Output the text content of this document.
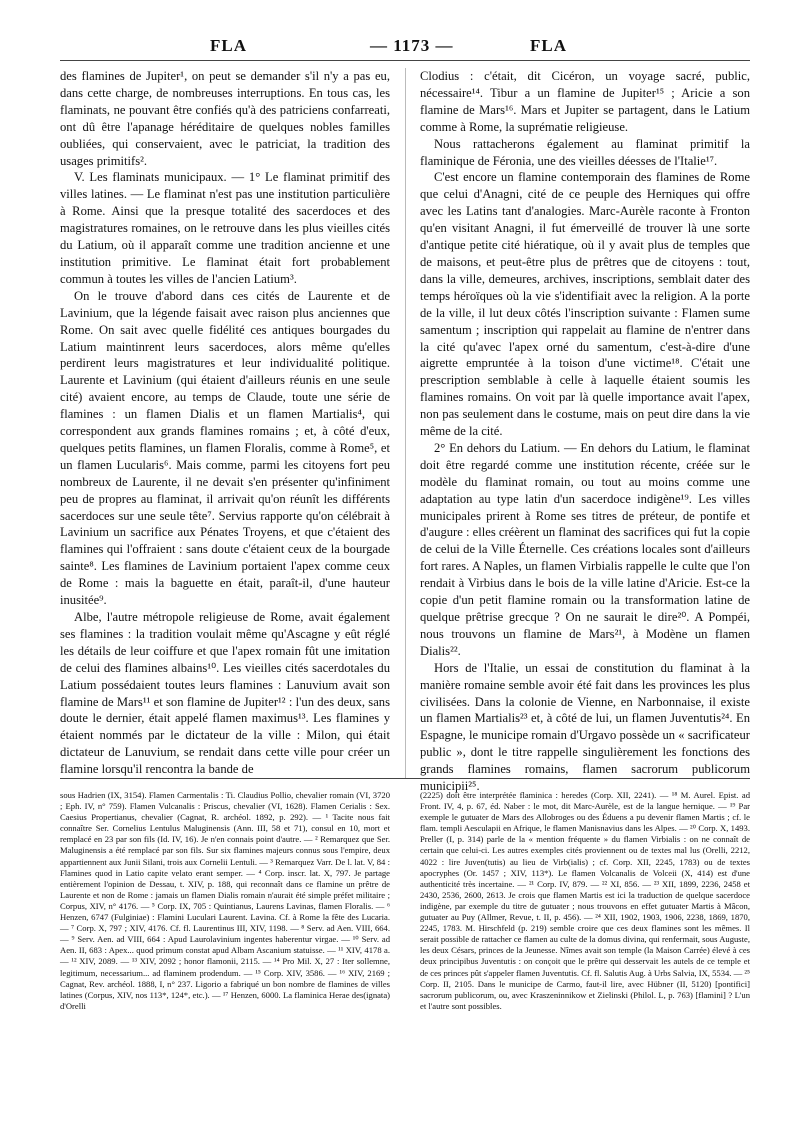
FLA	— 1173 —	FLA

des flamines de Jupiter¹, on peut se demander s'il n'y a pas eu, dans cette charge, de nombreuses interruptions. En tous cas, les flaminats, ne pouvant être confiés qu'à des patriciens confarreati, ont dû être l'apanage héréditaire de quelques nobles familles oubliées, qui conservaient, avec le patriciat, la tradition des usages primitifs².

V. Les flaminats municipaux. — 1° Le flaminat primitif des villes latines. — Le flaminat n'est pas une institution particulière à Rome. Ainsi que la presque totalité des sacerdoces et des magistratures romaines, on le retrouve dans les plus vieilles cités du Latium, où il apparaît comme une tradition ancienne et une institution primitive. Le flaminat était fort probablement commun à toutes les villes de l'ancien Latium³.

On le trouve d'abord dans ces cités de Laurente et de Lavinium, que la légende faisait avec raison plus anciennes que Rome. On sait avec quelle fidélité ces antiques bourgades du Latium maintinrent leurs sacerdoces, alors même qu'elles perdirent leurs magistratures et leur individualité politique. Laurente et Lavinium (qui étaient d'ailleurs réunis en une seule cité) avaient encore, au temps de Claude, toute une série de flamines : un flamen Dialis et un flamen Martialis⁴, qui correspondent aux grands flamines romains ; et, à côté d'eux, quelques petits flamines, un flamen Floralis, comme à Rome⁵, et un flamen Lucularis⁶. Mais comme, parmi les citoyens fort peu nombreux de Laurente, il ne devait s'en présenter qu'infiniment peu de propres au flaminat, il arrivait qu'on réunît les différents sacerdoces sur une seule tête⁷. Servius rapporte qu'on célébrait à Lavinium un sacrifice aux Pénates Troyens, et que c'étaient des flamines qui l'offraient : sans doute c'étaient ceux de la bourgade sainte⁸. Les flamines de Lavinium portaient l'apex comme ceux de Rome : mais la baguette en était, paraît-il, d'une hauteur inusitée⁹.

Albe, l'autre métropole religieuse de Rome, avait également ses flamines : la tradition voulait même qu'Ascagne y eût réglé les détails de leur coiffure et que l'apex romain fût une imitation de celui des flamines albains¹⁰. Les vieilles cités sacerdotales du Latium possédaient toutes leurs flamines : Lanuvium avait son flamine de Mars¹¹ et son flamine de Jupiter¹² : l'un des deux, sans doute le dernier, était appelé flamen maximus¹³. Les flamines y étaient nommés par le dictateur de la ville : Milon, qui était dictateur de Lanuvium, se rendait dans cette ville pour créer un flamine lorsqu'il rencontra la bande de

Clodius : c'était, dit Cicéron, un voyage sacré, public, nécessaire¹⁴. Tibur a un flamine de Jupiter¹⁵ ; Aricie a son flamine de Mars¹⁶. Mars et Jupiter se partagent, dans le Latium comme à Rome, la suprématie religieuse.

Nous rattacherons également au flaminat primitif la flaminique de Féronia, une des vieilles déesses de l'Italie¹⁷.

C'est encore un flamine contemporain des flamines de Rome que celui d'Anagni, cité de ce peuple des Herniques qui offre avec les Latins tant d'analogies. Marc-Aurèle raconte à Fronton qu'en visitant Anagni, il fut émerveillé de trouver là une sorte d'antique petite cité hiératique, où il y avait plus de temples que de maisons, et peut-être plus de prêtres que de citoyens : tout, dans la ville, demeures, archives, inscriptions, semblait dater des temps héroïques où la vie s'identifiait avec la religion. A la porte de la ville, il lut deux côtés l'inscription suivante : Flamen sume samentum ; inscription qui rappelait au flamine de n'entrer dans la cité qu'avec l'apex orné du samentum, c'est-à-dire d'une aigrette empruntée à la toison d'une victime¹⁸. C'était une prescription semblable à celle à laquelle étaient soumis les flamines romains. On voit par là quelle importance avait l'apex, non pas seulement dans le costume, mais on peut dire dans la vie même de la cité.

2° En dehors du Latium. — En dehors du Latium, le flaminat doit être regardé comme une institution récente, créée sur le modèle du flaminat romain, ou tout au moins comme une adaptation au type latin d'un sacerdoce indigène¹⁹. Les villes municipales prirent à Rome ses titres de préteur, de pontife et d'augure : elles créèrent un flaminat des sacrifices qui fut la copie de celui de la Ville Éternelle. Ces créations locales sont d'ailleurs fort rares. A Naples, un flamen Virbialis rappelle le culte que l'on rendait à Virbius dans le bois de la ville latine d'Aricie. Est-ce la copie d'un petit flamine romain ou la transformation latine de quelque prêtrise grecque ? On ne saurait le dire²⁰. A Pompéi, nous trouvons un flamine de Mars²¹, à Modène un flamen Dialis²².

Hors de l'Italie, un essai de constitution du flaminat à la manière romaine semble avoir été fait dans les provinces les plus civilisées. Dans la colonie de Vienne, en Narbonnaise, il existe un flamen Martialis²³ et, à côté de lui, un flamen Juventutis²⁴. En Espagne, le municipe romain d'Urgavo possède un « sacrificateur public », dont le titre rappelle singulièrement les fonctions des grands flamines romains, flamen sacrorum publicorum municipii²⁵.

sous Hadrien (IX, 3154). Flamen Carmentalis : Ti. Claudius Pollio, chevalier romain (VI, 3720 ; Eph. IV, n° 759). Flamen Vulcanalis : Priscus, chevalier (VI, 1628). Flamen Cerialis : Sex. Caesius Propertianus, chevalier (Cagnat, R. archéol. 1892, p. 292). — ¹ Tacite nous fait connaître Ser. Cornelius Lentulus Maluginensis (Ann. III, 58 et 71), consul en 10, mort et remplacé en 23 par son fils (Id. IV, 16). Je n'en connais point d'autre. — ² Remarquez que Ser. Maluginensis a été remplacé par son fils. Sur six flamines majeurs connus sous l'empire, deux appartiennent aux Junii Silani, trois aux Cornelii Lentuli. — ³ Remarquez Varr. De l. lat. V, 84 : Flamines quod in Latio capite velato erant semper. — ⁴ Corp. inscr. lat. X, 797. Je partage entièrement l'opinion de Dessau, t. XIV, p. 188, qui reconnaît dans ce flamine un prêtre de Laurente et non de Rome : jamais un flamen Dialis romain n'aurait été simple préfet militaire ; Corpus, XIV, n° 4176. — ⁵ Corp. IX, 705 : Quintianus, Laurens Lavinas, flamen Floralis. — ⁶ Henzen, 6747 (Fulginiae) : Flamini Luculari Laurent. Lavina. Cf. à Rome la fête des Lucaria. — ⁷ Corp. X, 797 ; XIV, 4176. Cf. fl. Laurentinus III, XIV, 1198. — ⁸ Serv. ad Aen. VIII, 664. — ⁹ Serv. Aen. ad VIII, 664 : Apud Laurolavinium ingentes haberentur virgae. — ¹⁰ Serv. ad Aen. II, 683 : Apex... quod primum constat apud Albam Ascanium statuisse. — ¹¹ XIV, 4178 a. — ¹² XIV, 2089. — ¹³ XIV, 2092 ; honor flamonii, 2115. — ¹⁴ Pro Mil. X, 27 : Iter sollemne, legitimum, necessarium... ad flaminem prodendum. — ¹⁵ Corp. XIV, 3586. — ¹⁶ XIV, 2169 ; Cagnat, Rev. archéol. 1888, I, n° 237. Ligorio a fabriqué un bon nombre de flamines de villes latines (Corpus, XIV, nos 113*, 124*, etc.). — ¹⁷ Henzen, 6000. La flaminica Herae des(ignata) d'Orelli

(2225) doit être interprétée flaminica : heredes (Corp. XII, 2241). — ¹⁸ M. Aurel. Epist. ad Front. IV, 4, p. 67, éd. Naber : le mot, dit Marc-Aurèle, est de la langue hernique. — ¹⁹ Par exemple le gutuater de Mars des Allobroges ou des Éduens a pu devenir flamen Martis ; cf. le flam. templi Aesculapii en Afrique, le flamen Manisnavius dans les Alpes. — ²⁰ Corp. X, 1493. Preller (I, p. 314) parle de la « mention fréquente » du flamen Virbialis : on ne connaît de certain que celui-ci. Les autres exemples cités proviennent ou de textes mal lus (Orelli, 2212, 4022 : lire Juven(tutis) au lieu de Virb(ialis) ; cf. Corp. XII, 2245, 1783) ou de textes apocryphes (Or. 1457 ; XIV, 113*). Le flamen Volcanalis de Volceii (X, 414) est d'une authenticité très incertaine. — ²¹ Corp. IV, 879. — ²² XI, 856. — ²³ XII, 1899, 2236, 2458 et 2430, 2536, 2600, 2613. Je crois que flamen Martis est ici la traduction de quelque sacerdoce indigène, par exemple du titre de gutuater ; nous trouvons en effet gutuater Martis à Mâcon, gutuater au Puy (Allmer, Revue, t. II, p. 456). — ²⁴ XII, 1902, 1903, 1906, 2238, 1869, 1870, 2245, 1783. M. Hirschfeld (p. 219) semble croire que ces deux flamines sont les mêmes. Il serait possible de rattacher ce flamen au culte de la domus divina, qui renfermait, sous Auguste, les deux Césars, princes de la Jeunesse. Nîmes avait son temple (la Maison Carrée) élevé à ces deux principibus Juventutis : on conçoit que le prêtre qui desservait les autels de ce temple et de ces princes pût s'appeler flamen Juventutis. Cf. fl. Salutis Aug. à Urbs Salvia, IX, 5534. — ²⁵ Corp. II, 2105. Dans le municipe de Carmo, faut-il lire, avec Hübner (II, 5120) [pontifici] sacrorum publicorum, ou, avec Kraszeninnikow et Zielinski (Philol. L, p. 763) [flamini] ? L'un et l'autre sont possibles.
